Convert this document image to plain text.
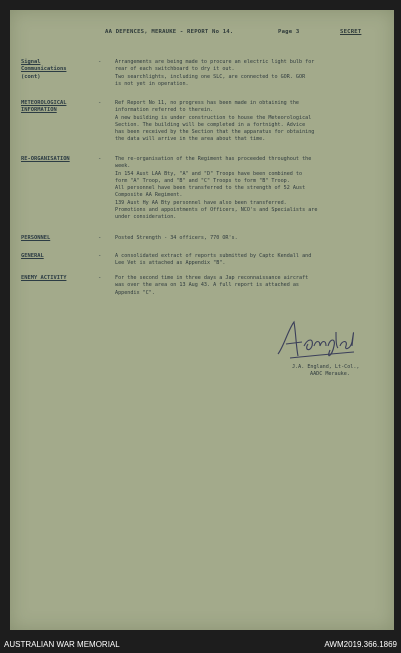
AA DEFENCES, MERAUKE - REPORT No 14.	Page 3	SECRET
Signal
Communications
(cont)
-	Arrangements are being made to procure an electric light bulb for
rear of each switchboard to dry it out.
Two searchlights, including one SLC, are connected to GOR. GOR
is not yet in operation.
METEOROLOGICAL
INFORMATION
-	Ref Report No 11, no progress has been made in obtaining the
information referred to therein.
A new building is under construction to house the Meteorological
Section. The building will be completed in a fortnight. Advice
has been received by the Section that the apparatus for obtaining
the data will arrive in the area about that time.
RE-ORGANISATION	-	The re-organisation of the Regiment has proceeded throughout the
week.
In 154 Aust LAA Bty, "A" and "D" Troops have been combined to
form "A" Troop, and "B" and "C" Troops to form "B" Troop.
All personnel have been transferred to the strength of 52 Aust
Composite AA Regiment.
139 Aust Hy AA Bty personnel have also been transferred.
Promotions and appointments of Officers, NCO's and Specialists are
under consideration.
PERSONNEL	-	Posted Strength - 34 officers, 770 OR's.
GENERAL	-	A consolidated extract of reports submitted by Captc Kendall and
Lee Vet is attached as Appendix "B".
ENEMY ACTIVITY	-	For the second time in three days a Jap reconnaissance aircraft
was over the area on 13 Aug 43. A full report is attached as
Appendix "C".
J.A. England, Lt-Col.,
AADC Merauke.
AUSTRALIAN WAR MEMORIAL	AWM2019.366.1869
